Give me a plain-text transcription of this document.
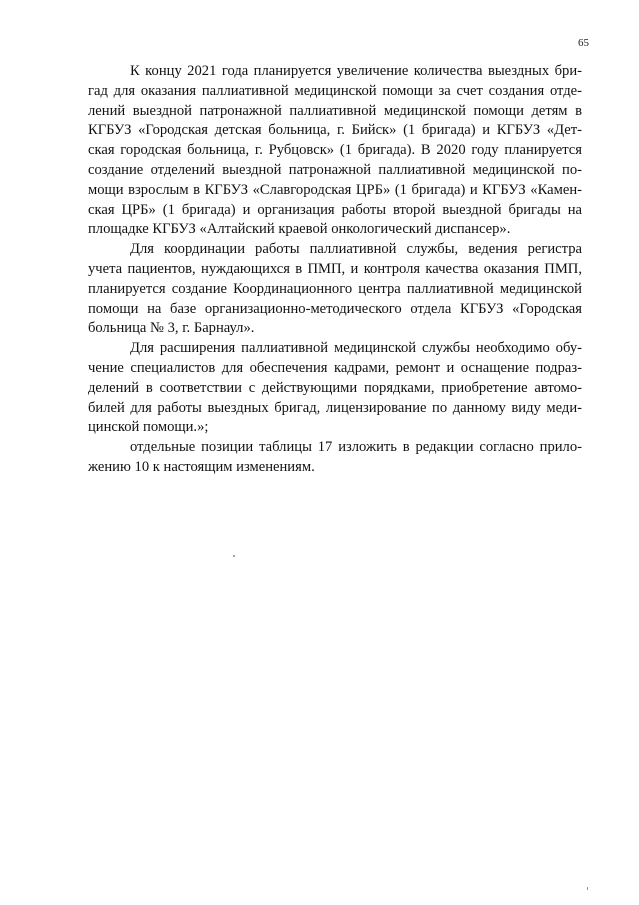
65

К концу 2021 года планируется увеличение количества выездных бри-
гад для оказания паллиативной медицинской помощи за счет создания отде-
лений выездной патронажной паллиативной медицинской помощи детям в
КГБУЗ «Городская детская больница, г. Бийск» (1 бригада) и КГБУЗ «Дет-
ская городская больница, г. Рубцовск» (1 бригада). В 2020 году планируется
создание отделений выездной патронажной паллиативной медицинской по-
мощи взрослым в КГБУЗ «Славгородская ЦРБ» (1 бригада) и КГБУЗ «Камен-
ская ЦРБ» (1 бригада) и организация работы второй выездной бригады на
площадке КГБУЗ «Алтайский краевой онкологический диспансер».

Для координации работы паллиативной службы, ведения регистра
учета пациентов, нуждающихся в ПМП, и контроля качества оказания ПМП,
планируется создание Координационного центра паллиативной медицинской
помощи на базе организационно-методического отдела КГБУЗ «Городская
больница № 3, г. Барнаул».

Для расширения паллиативной медицинской службы необходимо обу-
чение специалистов для обеспечения кадрами, ремонт и оснащение подраз-
делений в соответствии с действующими порядками, приобретение автомо-
билей для работы выездных бригад, лицензирование по данному виду меди-
цинской помощи.»;

отдельные позиции таблицы 17 изложить в редакции согласно прило-
жению 10 к настоящим изменениям.
